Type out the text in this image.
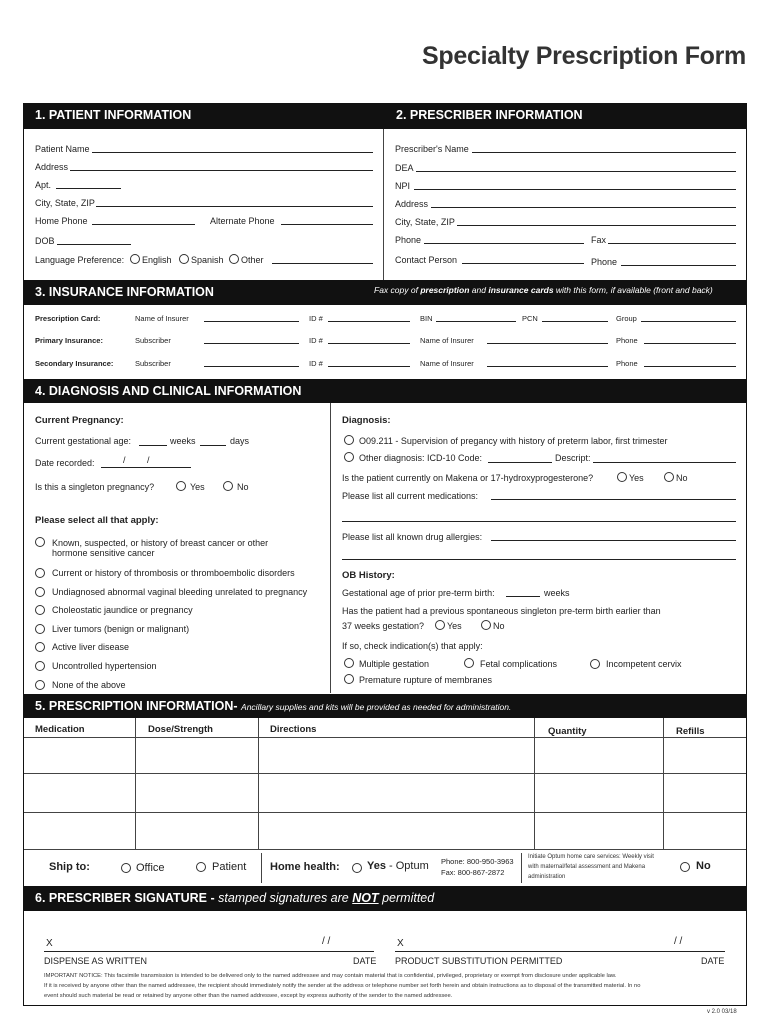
Specialty Prescription Form
1. PATIENT INFORMATION	2. PRESCRIBER INFORMATION
Patient Name
Address
Apt.
City, State, ZIP
Home Phone	Alternate Phone
DOB
Language Preference: English Spanish Other
Prescriber's Name
DEA
NPI
Address
City, State, ZIP
Phone	Fax
Contact Person	Phone
3. INSURANCE INFORMATION	Fax copy of prescription and insurance cards with this form, if available (front and back)
Prescription Card:	Name of Insurer	ID #	BIN	PCN	Group
Primary Insurance:	Subscriber	ID #	Name of Insurer	Phone
Secondary Insurance:	Subscriber	ID #	Name of Insurer	Phone
4. DIAGNOSIS AND CLINICAL INFORMATION
Current Pregnancy:
Current gestational age:	weeks	days
Date recorded:	/ /
Is this a singleton pregnancy?	Yes	No
Please select all that apply:
Known, suspected, or history of breast cancer or other
hormone sensitive cancer
Current or history of thrombosis or thromboembolic disorders
Undiagnosed abnormal vaginal bleeding unrelated to pregnancy
Choleostatic jaundice or pregnancy
Liver tumors (benign or malignant)
Active liver disease
Uncontrolled hypertension
None of the above
Diagnosis:
O09.211 - Supervision of pregancy with history of preterm labor, first trimester
Other diagnosis: ICD-10 Code:	Descript:
Is the patient currently on Makena or 17-hydroxyprogesterone?	Yes	No
Please list all current medications:
Please list all known drug allergies:
OB History:
Gestational age of prior pre-term birth:	weeks
Has the patient had a previous spontaneous singleton pre-term birth earlier than
37 weeks gestation?	Yes	No
If so, check indication(s) that apply:
Multiple gestation	Fetal complications	Incompetent cervix
Premature rupture of membranes
5. PRESCRIPTION INFORMATION- Ancillary supplies and kits will be provided as needed for administration.
Medication	Dose/Strength	Directions	Quantity	Refills
Ship to:	Office	Patient Home health: Yes - Optum Phone: 800-950-3963
Fax: 800-867-2872
Initiate Optum home care services: Weekly visit
with maternal/fetal assessment and Makena
administration
No
6. PRESCRIBER SIGNATURE - stamped signatures are NOT permitted
X	/ /
DISPENSE AS WRITTEN	DATE
X	/ /
PRODUCT SUBSTITUTION PERMITTED	DATE
IMPORTANT NOTICE: This facsimile transmission is intended to be delivered only to the named addressee and may contain material that is confidential, privileged, proprietary or exempt from disclosure under applicable law.
If it is received by anyone other than the named addressee, the recipient should immediately notify the sender at the address or telephone number set forth herein and obtain instructions as to disposal of the transmitted material. In no
event should such material be read or retained by anyone other than the named addressee, except by express authority of the sender to the named addressee.
v 2.0 03/18
